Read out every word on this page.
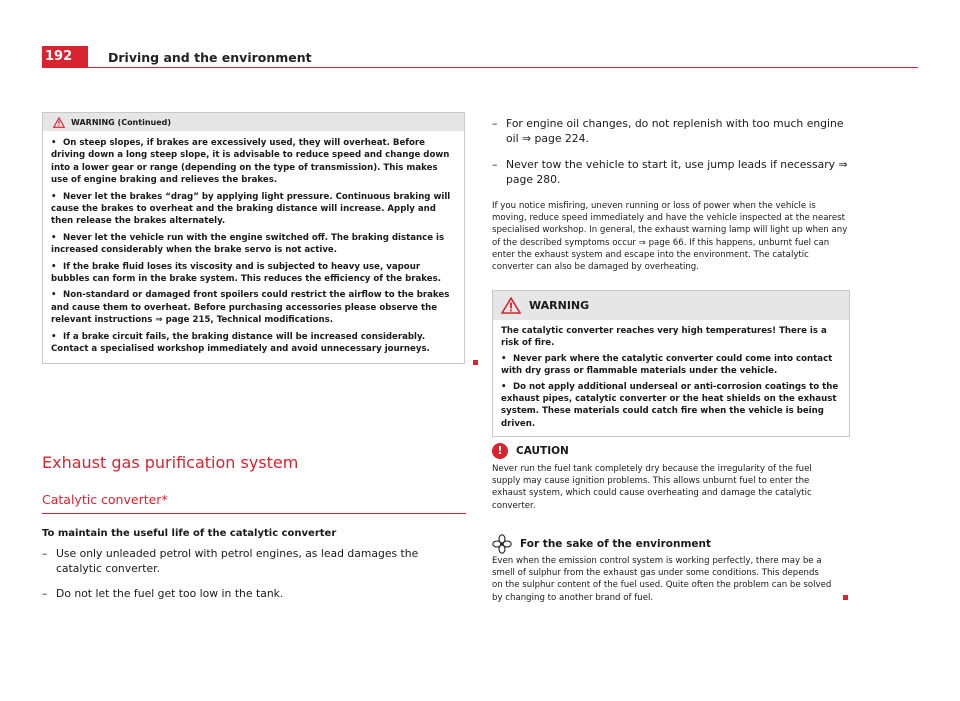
192	Driving and the environment
WARNING (Continued)

• On steep slopes, if brakes are excessively used, they will overheat. Before driving down a long steep slope, it is advisable to reduce speed and change down into a lower gear or range (depending on the type of transmission). This makes use of engine braking and relieves the brakes.

• Never let the brakes “drag” by applying light pressure. Continuous braking will cause the brakes to overheat and the braking distance will increase. Apply and then release the brakes alternately.

• Never let the vehicle run with the engine switched off. The braking distance is increased considerably when the brake servo is not active.

• If the brake fluid loses its viscosity and is subjected to heavy use, vapour bubbles can form in the brake system. This reduces the efficiency of the brakes.

• Non-standard or damaged front spoilers could restrict the airflow to the brakes and cause them to overheat. Before purchasing accessories please observe the relevant instructions ⇒ page 215, Technical modifications.

• If a brake circuit fails, the braking distance will be increased considerably. Contact a specialised workshop immediately and avoid unnecessary journeys.

Exhaust gas purification system
Catalytic converter*
To maintain the useful life of the catalytic converter
– Use only unleaded petrol with petrol engines, as lead damages the catalytic converter.
– Do not let the fuel get too low in the tank.
– For engine oil changes, do not replenish with too much engine oil ⇒ page 224.
– Never tow the vehicle to start it, use jump leads if necessary ⇒ page 280.
If you notice misfiring, uneven running or loss of power when the vehicle is moving, reduce speed immediately and have the vehicle inspected at the nearest specialised workshop. In general, the exhaust warning lamp will light up when any of the described symptoms occur ⇒ page 66. If this happens, unburnt fuel can enter the exhaust system and escape into the environment. The catalytic converter can also be damaged by overheating.
WARNING

The catalytic converter reaches very high temperatures! There is a risk of fire.

• Never park where the catalytic converter could come into contact with dry grass or flammable materials under the vehicle.

• Do not apply additional underseal or anti-corrosion coatings to the exhaust pipes, catalytic converter or the heat shields on the exhaust system. These materials could catch fire when the vehicle is being driven.

!	CAUTION
Never run the fuel tank completely dry because the irregularity of the fuel supply may cause ignition problems. This allows unburnt fuel to enter the exhaust system, which could cause overheating and damage the catalytic converter.
For the sake of the environment
Even when the emission control system is working perfectly, there may be a smell of sulphur from the exhaust gas under some conditions. This depends on the sulphur content of the fuel used. Quite often the problem can be solved by changing to another brand of fuel.
